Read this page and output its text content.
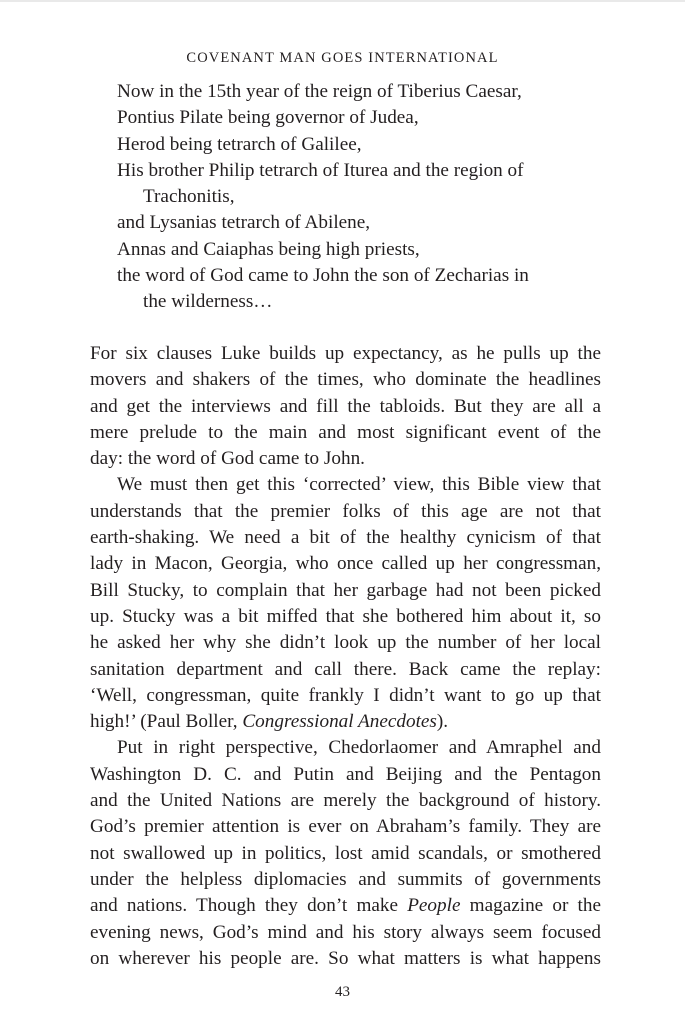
COVENANT MAN GOES INTERNATIONAL
Now in the 15th year of the reign of Tiberius Caesar,
Pontius Pilate being governor of Judea,
Herod being tetrarch of Galilee,
His brother Philip tetrarch of Iturea and the region of
Trachonitis,
and Lysanias tetrarch of Abilene,
Annas and Caiaphas being high priests,
the word of God came to John the son of Zecharias in
the wilderness…

For six clauses Luke builds up expectancy, as he pulls up the
movers and shakers of the times, who dominate the headlines
and get the interviews and fill the tabloids. But they are all a
mere prelude to the main and most significant event of the
day: the word of God came to John.

We must then get this ‘corrected’ view, this Bible view that
understands that the premier folks of this age are not that
earth-shaking. We need a bit of the healthy cynicism of that
lady in Macon, Georgia, who once called up her congressman,
Bill Stucky, to complain that her garbage had not been picked
up. Stucky was a bit miffed that she bothered him about it, so
he asked her why she didn’t look up the number of her local
sanitation department and call there. Back came the replay:
‘Well, congressman, quite frankly I didn’t want to go up that
high!’ (Paul Boller, Congressional Anecdotes).

Put in right perspective, Chedorlaomer and Amraphel and
Washington D. C. and Putin and Beijing and the Pentagon
and the United Nations are merely the background of history.
God’s premier attention is ever on Abraham’s family. They are
not swallowed up in politics, lost amid scandals, or smothered
under the helpless diplomacies and summits of governments
and nations. Though they don’t make People magazine or the
evening news, God’s mind and his story always seem focused
on wherever his people are. So what matters is what happens

43
